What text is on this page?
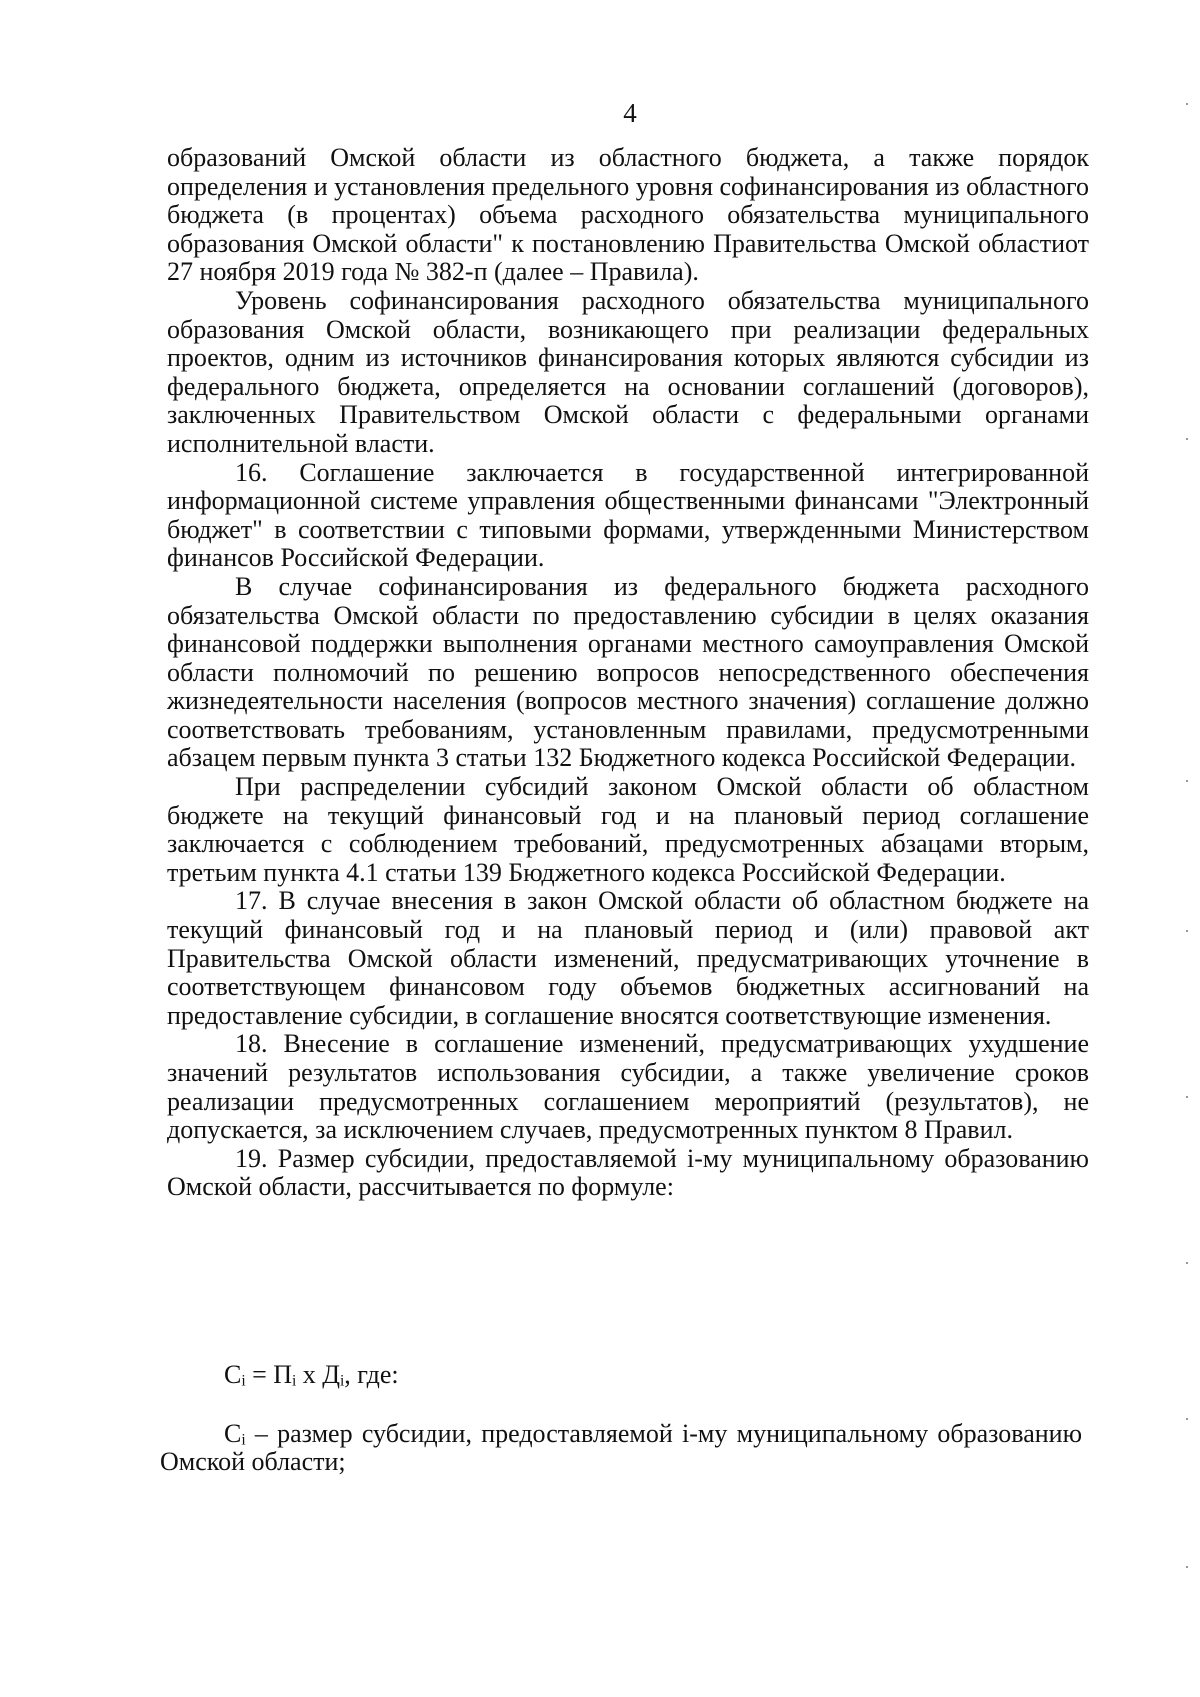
4

образований Омской области из областного бюджета, а также порядок определения и установления предельного уровня софинансирования из областного бюджета (в процентах) объема расходного обязательства муниципального образования Омской области" к постановлению Правительства Омской областиот 27 ноября 2019 года № 382-п (далее – Правила).

Уровень софинансирования расходного обязательства муниципального образования Омской области, возникающего при реализации федеральных проектов, одним из источников финансирования которых являются субсидии из федерального бюджета, определяется на основании соглашений (договоров), заключенных Правительством Омской области с федеральными органами исполнительной власти.

16. Соглашение заключается в государственной интегрированной информационной системе управления общественными финансами "Электронный бюджет" в соответствии с типовыми формами, утвержденными Министерством финансов Российской Федерации.

В случае софинансирования из федерального бюджета расходного обязательства Омской области по предоставлению субсидии в целях оказания финансовой поддержки выполнения органами местного самоуправления Омской области полномочий по решению вопросов непосредственного обеспечения жизнедеятельности населения (вопросов местного значения) соглашение должно соответствовать требованиям, установленным правилами, предусмотренными абзацем первым пункта 3 статьи 132 Бюджетного кодекса Российской Федерации.

При распределении субсидий законом Омской области об областном бюджете на текущий финансовый год и на плановый период соглашение заключается с соблюдением требований, предусмотренных абзацами вторым, третьим пункта 4.1 статьи 139 Бюджетного кодекса Российской Федерации.

17. В случае внесения в закон Омской области об областном бюджете на текущий финансовый год и на плановый период и (или) правовой акт Правительства Омской области изменений, предусматривающих уточнение в соответствующем финансовом году объемов бюджетных ассигнований на предоставление субсидии, в соглашение вносятся соответствующие изменения.

18. Внесение в соглашение изменений, предусматривающих ухудшение значений результатов использования субсидии, а также увеличение сроков реализации предусмотренных соглашением мероприятий (результатов), не допускается, за исключением случаев, предусмотренных пунктом 8 Правил.

19. Размер субсидии, предоставляемой i-му муниципальному образованию Омской области, рассчитывается по формуле:

Сᵢ = Пᵢ х Дᵢ, где:

Сᵢ – размер субсидии, предоставляемой i-му муниципальному образованию Омской области;
